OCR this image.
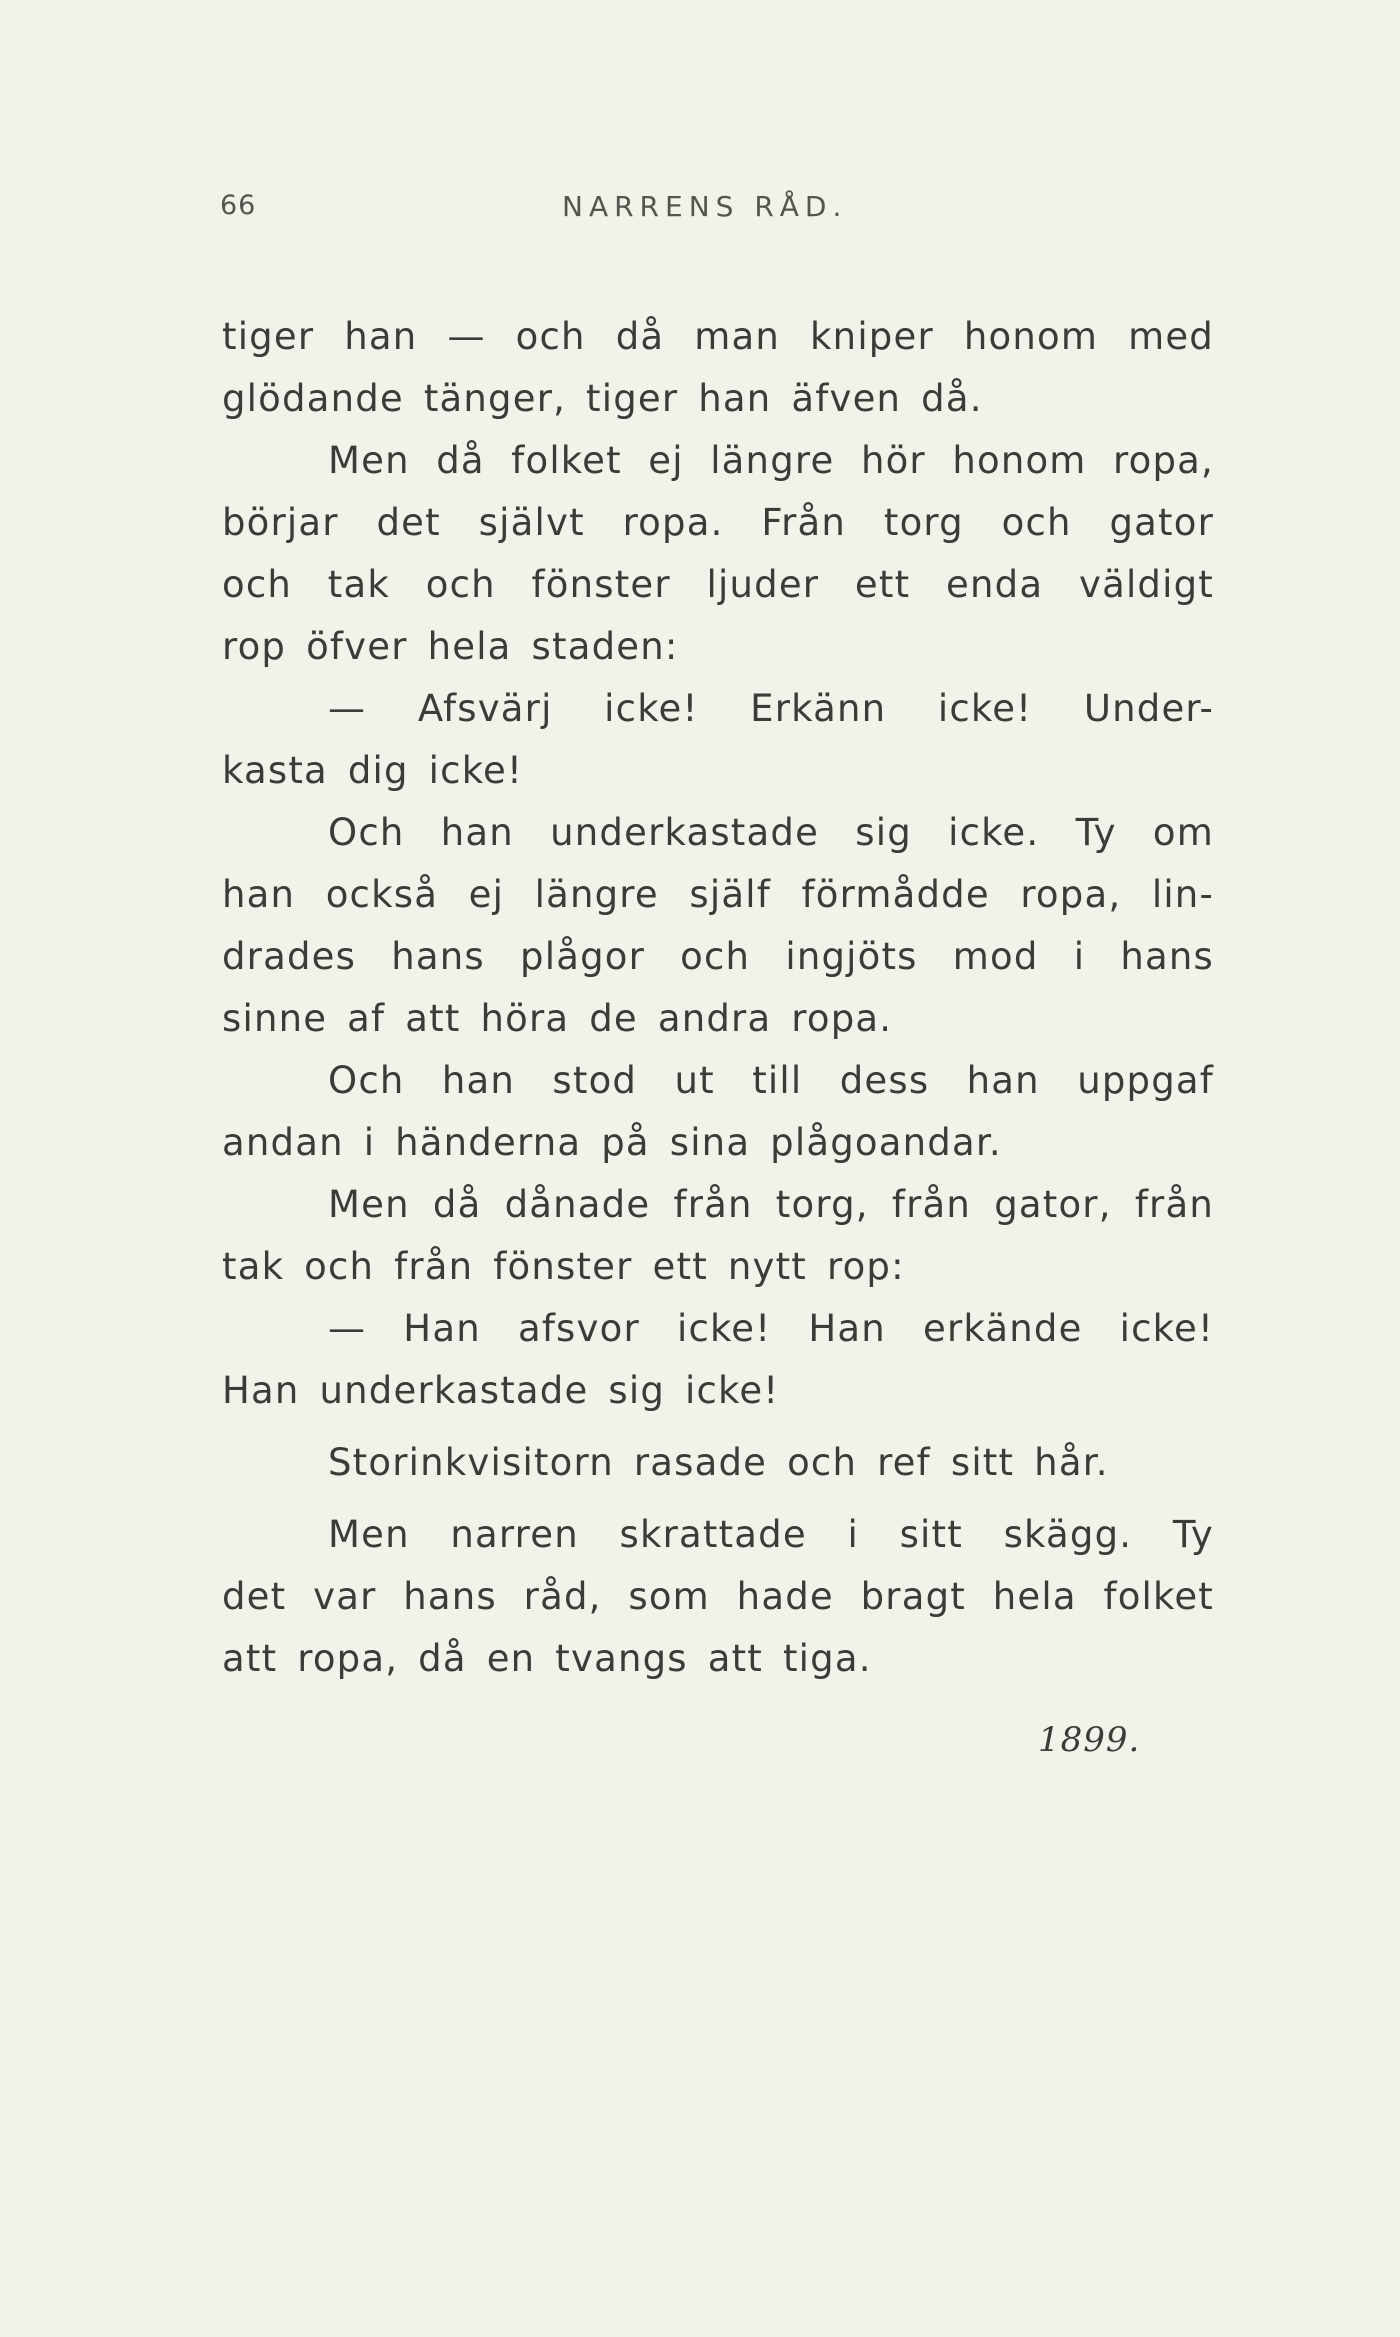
66	NARRENS RÅD.
tiger han — och då man kniper honom med
glödande tänger, tiger han äfven då.
Men då folket ej längre hör honom ropa,
börjar det självt ropa. Från torg och gator
och tak och fönster ljuder ett enda väldigt
rop öfver hela staden:
— Afsvärj icke! Erkänn icke! Under-
kasta dig icke!
Och han underkastade sig icke. Ty om
han också ej längre själf förmådde ropa, lin-
drades hans plågor och ingjöts mod i hans
sinne af att höra de andra ropa.
Och han stod ut till dess han uppgaf
andan i händerna på sina plågoandar.
Men då dånade från torg, från gator, från
tak och från fönster ett nytt rop:
— Han afsvor icke! Han erkände icke!
Han underkastade sig icke!
Storinkvisitorn rasade och ref sitt hår.
Men narren skrattade i sitt skägg. Ty
det var hans råd, som hade bragt hela folket
att ropa, då en tvangs att tiga.
1899.
